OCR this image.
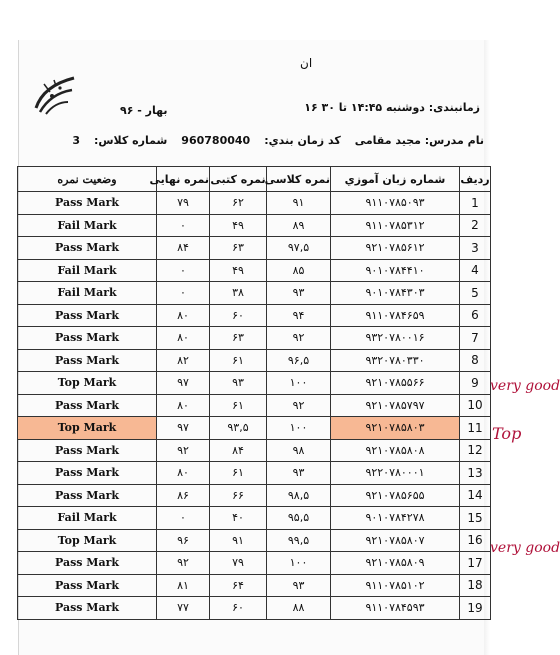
ان
زمانبندی: دوشنبه ۱۴:۴۵ تا ۳۰ ۱۶
بهار - ۹۶
نام مدرس: مجید مقامی
کد زمان بندي:
960780040
شماره کلاس:
3
وضعيت نمره	نمره نهايی	نمره کتبی	نمره کلاسی	شماره زبان آموزي	رديف
Pass Mark	۷۹	۶۲	۹۱	۹۱۱۰۷۸۵۰۹۳	1
Fail Mark	۰	۴۹	۸۹	۹۱۱۰۷۸۵۳۱۲	2
Pass Mark	۸۴	۶۳	۹۷,۵	۹۲۱۰۷۸۵۶۱۲	3
Fail Mark	۰	۴۹	۸۵	۹۰۱۰۷۸۴۴۱۰	4
Fail Mark	۰	۳۸	۹۳	۹۰۱۰۷۸۴۳۰۳	5
Pass Mark	۸۰	۶۰	۹۴	۹۱۱۰۷۸۴۶۵۹	6
Pass Mark	۸۰	۶۳	۹۲	۹۳۲۰۷۸۰۰۱۶	7
Pass Mark	۸۲	۶۱	۹۶,۵	۹۳۲۰۷۸۰۳۳۰	8
Top Mark	۹۷	۹۳	۱۰۰	۹۲۱۰۷۸۵۵۶۶	9
Pass Mark	۸۰	۶۱	۹۲	۹۲۱۰۷۸۵۷۹۷	10
Top Mark	۹۷	۹۳,۵	۱۰۰	۹۲۱۰۷۸۵۸۰۳	11
Pass Mark	۹۲	۸۴	۹۸	۹۲۱۰۷۸۵۸۰۸	12
Pass Mark	۸۰	۶۱	۹۳	۹۲۲۰۷۸۰۰۰۱	13
Pass Mark	۸۶	۶۶	۹۸,۵	۹۲۱۰۷۸۵۶۵۵	14
Fail Mark	۰	۴۰	۹۵,۵	۹۰۱۰۷۸۴۲۷۸	15
Top Mark	۹۶	۹۱	۹۹,۵	۹۲۱۰۷۸۵۸۰۷	16
Pass Mark	۹۲	۷۹	۱۰۰	۹۲۱۰۷۸۵۸۰۹	17
Pass Mark	۸۱	۶۴	۹۳	۹۱۱۰۷۸۵۱۰۲	18
Pass Mark	۷۷	۶۰	۸۸	۹۱۱۰۷۸۴۵۹۳	19
very good
Top
very good
